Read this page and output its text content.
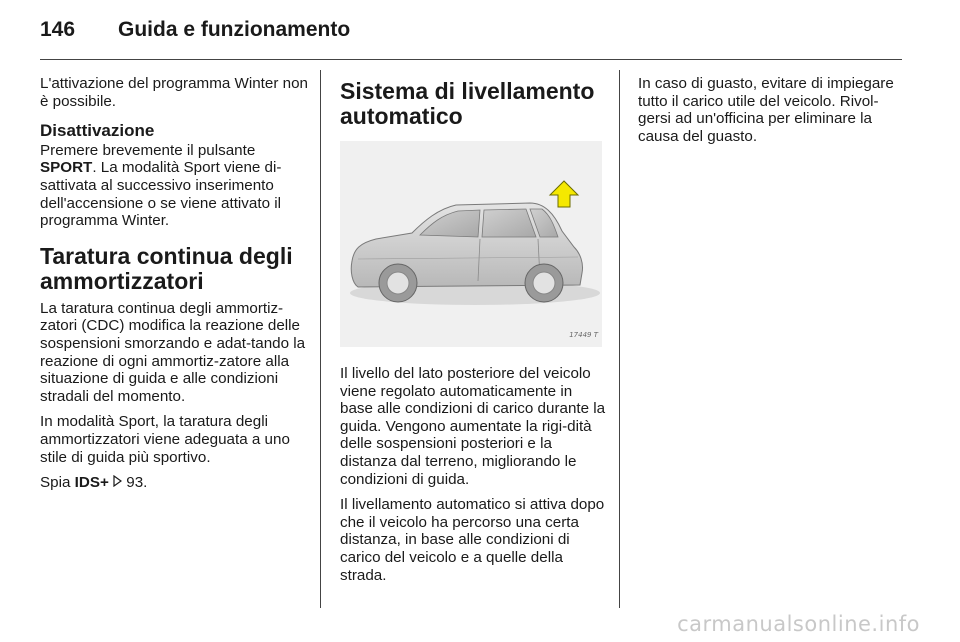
146	Guida e funzionamento

L'attivazione del programma Winter non è possibile.

Disattivazione

Premere brevemente il pulsante SPORT. La modalità Sport viene di-sattivata al successivo inserimento dell'accensione o se viene attivato il programma Winter.

Taratura continua degli ammortizzatori

La taratura continua degli ammortiz-zatori (CDC) modifica la reazione delle sospensioni smorzando e adat-tando la reazione di ogni ammortiz-zatore alla situazione di guida e alle condizioni stradali del momento.

In modalità Sport, la taratura degli ammortizzatori viene adeguata a uno stile di guida più sportivo.

Spia IDS+  93.

Sistema di livellamento automatico
17449 T

Il livello del lato posteriore del veicolo viene regolato automaticamente in base alle condizioni di carico durante la guida. Vengono aumentate la rigi-dità delle sospensioni posteriori e la distanza dal terreno, migliorando le condizioni di guida.

Il livellamento automatico si attiva dopo che il veicolo ha percorso una certa distanza, in base alle condizioni di carico del veicolo e a quelle della strada.

In caso di guasto, evitare di impiegare tutto il carico utile del veicolo. Rivol-gersi ad un'officina per eliminare la causa del guasto.

carmanualsonline.info
